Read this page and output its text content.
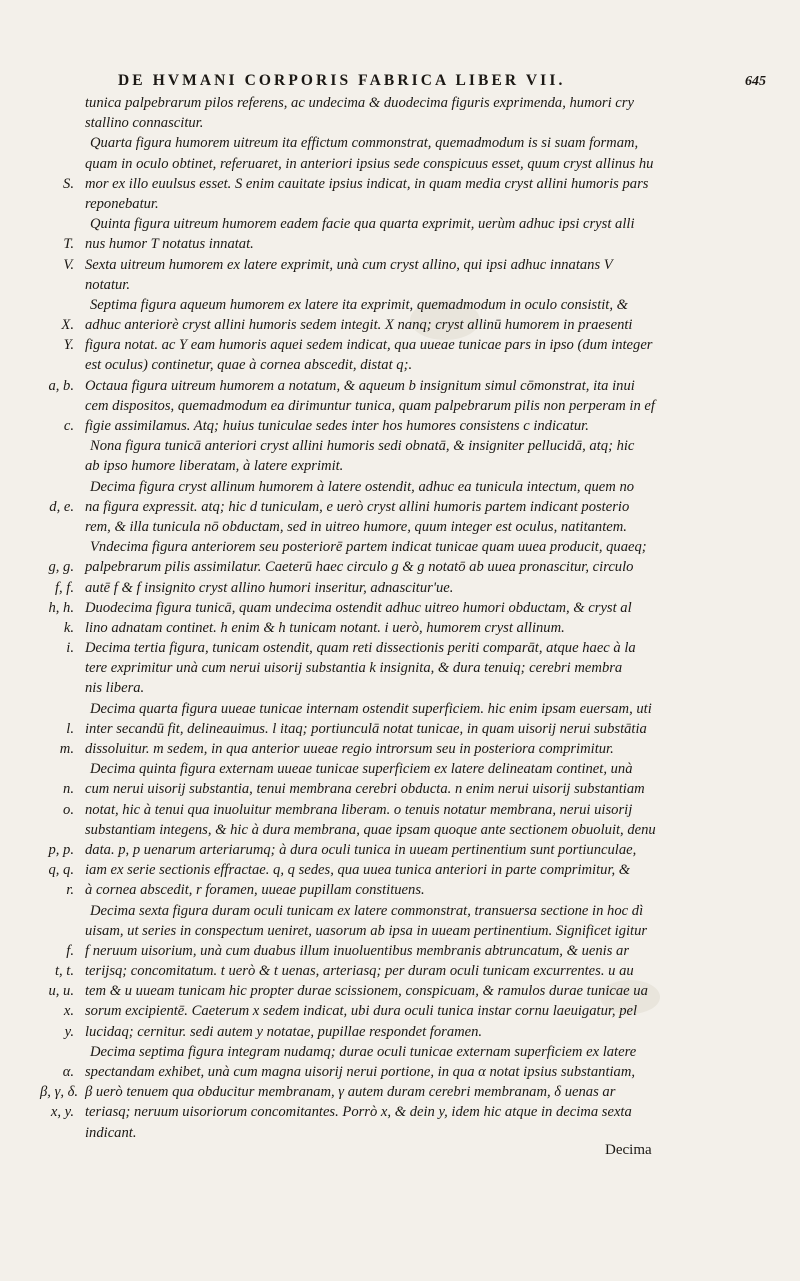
DE HVMANI CORPORIS FABRICA LIBER VII.	645
tunica palpebrarum pilos referens, ac undecima & duodecima figuris exprimenda, humori cry
stallino connascitur.
Quarta figura humorem uitreum ita effictum commonstrat, quemadmodum is si suam formam,
quam in oculo obtinet, referuaret, in anteriori ipsius sede conspicuus esset, quum cryst allinus hu
S. mor ex illo euulsus esset. S enim cauitate ipsius indicat, in quam media cryst allini humoris pars
reponebatur.
Quinta figura uitreum humorem eadem facie qua quarta exprimit, uerùm adhuc ipsi cryst alli
T. nus humor T notatus innatat.
V. Sexta uitreum humorem ex latere exprimit, unà cum cryst allino, qui ipsi adhuc innatans V
notatur.
Septima figura aqueum humorem ex latere ita exprimit, quemadmodum in oculo consistit, &
X. adhuc anteriorè cryst allini humoris sedem integit. X nanq; cryst allinū humorem in praesenti
Y. figura notat. ac Y eam humoris aquei sedem indicat, qua uueae tunicae pars in ipso (dum integer
est oculus) continetur, quae à cornea abscedit, distat q;.
a, b. Octaua figura uitreum humorem a notatum, & aqueum b insignitum simul cōmonstrat, ita inui
cem dispositos, quemadmodum ea dirimuntur tunica, quam palpebrarum pilis non perperam in ef
c. figie assimilamus. Atq; huius tuniculae sedes inter hos humores consistens c indicatur.
Nona figura tunicā anteriori cryst allini humoris sedi obnatā, & insigniter pellucidā, atq; hic
ab ipso humore liberatam, à latere exprimit.
Decima figura cryst allinum humorem à latere ostendit, adhuc ea tunicula intectum, quem no
d, e. na figura expressit. atq; hic d tuniculam, e uerò cryst allini humoris partem indicant posterio
rem, & illa tunicula nō obductam, sed in uitreo humore, quum integer est oculus, natitantem.
Vndecima figura anteriorem seu posteriorē partem indicat tunicae quam uuea producit, quaeq;
g, g. palpebrarum pilis assimilatur. Caeterū haec circulo g & g notatō ab uuea pronascitur, circulo
f, f. autē f & f insignito cryst allino humori inseritur, adnascitur'ue.
h, h. Duodecima figura tunicā, quam undecima ostendit adhuc uitreo humori obductam, & cryst al
k. lino adnatam continet. h enim & h tunicam notant. i uerò, humorem cryst allinum.
i. Decima tertia figura, tunicam ostendit, quam reti dissectionis periti comparāt, atque haec à la
tere exprimitur unà cum nerui uisorij substantia k insignita, & dura tenuiq; cerebri membra
nis libera.
Decima quarta figura uueae tunicae internam ostendit superficiem. hic enim ipsam euersam, uti
l. inter secandū fit, delineauimus. l itaq; portiunculā notat tunicae, in quam uisorij nerui substātia
m. dissoluitur. m sedem, in qua anterior uueae regio introrsum seu in posteriora comprimitur.
Decima quinta figura externam uueae tunicae superficiem ex latere delineatam continet, unà
n. cum nerui uisorij substantia, tenui membrana cerebri obducta. n enim nerui uisorij substantiam
o. notat, hic à tenui qua inuoluitur membrana liberam. o tenuis notatur membrana, nerui uisorij
substantiam integens, & hic à dura membrana, quae ipsam quoque ante sectionem obuoluit, denu
p, p. data. p, p uenarum arteriarumq; à dura oculi tunica in uueam pertinentium sunt portiunculae,
q, q. iam ex serie sectionis effractae. q, q sedes, qua uuea tunica anteriori in parte comprimitur, &
r. à cornea abscedit, r foramen, uueae pupillam constituens.
Decima sexta figura duram oculi tunicam ex latere commonstrat, transuersa sectione in hoc dì
uisam, ut series in conspectum ueniret, uasorum ab ipsa in uueam pertinentium. Significet igitur
f. f neruum uisorium, unà cum duabus illum inuoluentibus membranis abtruncatum, & uenis ar
t, t. terijsq; concomitatum. t uerò & t uenas, arteriasq; per duram oculi tunicam excurrentes. u au
u, u. tem & u uueam tunicam hic propter durae scissionem, conspicuam, & ramulos durae tunicae ua
x. sorum excipientē. Caeterum x sedem indicat, ubi dura oculi tunica instar cornu laeuigatur, pel
y. lucidaq; cernitur. sedi autem y notatae, pupillae respondet foramen.
Decima septima figura integram nudamq; durae oculi tunicae externam superficiem ex latere
α. spectandam exhibet, unà cum magna uisorij nerui portione, in qua α notat ipsius substantiam,
β, γ, δ. β uerò tenuem qua obducitur membranam, γ autem duram cerebri membranam, δ uenas ar
x, y. teriasq; neruum uisoriorum concomitantes. Porrò x, & dein y, idem hic atque in decima sexta
indicant.
Decima
